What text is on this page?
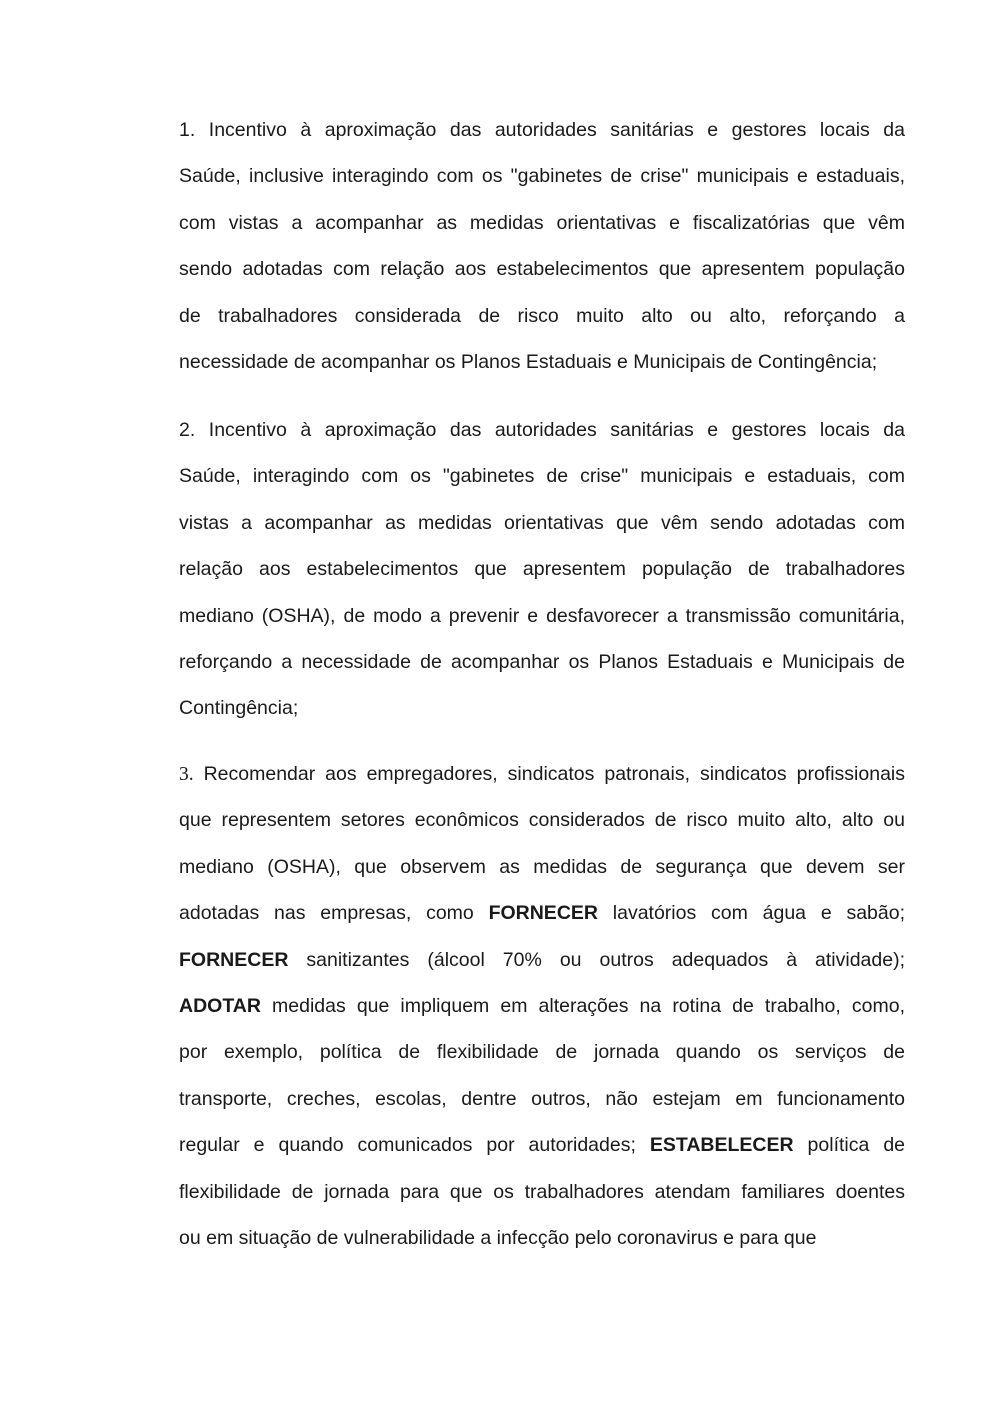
1. Incentivo à aproximação das autoridades sanitárias e gestores locais da
Saúde, inclusive interagindo com os "gabinetes de crise" municipais e estaduais,
com vistas a acompanhar as medidas orientativas e fiscalizatórias que vêm
sendo adotadas com relação aos estabelecimentos que apresentem população
de trabalhadores considerada de risco muito alto ou alto, reforçando a
necessidade de acompanhar os Planos Estaduais e Municipais de Contingência;
2. Incentivo à aproximação das autoridades sanitárias e gestores locais da
Saúde, interagindo com os "gabinetes de crise" municipais e estaduais, com
vistas a acompanhar as medidas orientativas que vêm sendo adotadas com
relação aos estabelecimentos que apresentem população de trabalhadores
mediano (OSHA), de modo a prevenir e desfavorecer a transmissão comunitária,
reforçando a necessidade de acompanhar os Planos Estaduais e Municipais de
Contingência;
3. Recomendar aos empregadores, sindicatos patronais, sindicatos profissionais
que representem setores econômicos considerados de risco muito alto, alto ou
mediano (OSHA), que observem as medidas de segurança que devem ser
adotadas nas empresas, como FORNECER lavatórios com água e sabão;
FORNECER sanitizantes (álcool 70% ou outros adequados à atividade);
ADOTAR medidas que impliquem em alterações na rotina de trabalho, como,
por exemplo, política de flexibilidade de jornada quando os serviços de
transporte, creches, escolas, dentre outros, não estejam em funcionamento
regular e quando comunicados por autoridades; ESTABELECER política de
flexibilidade de jornada para que os trabalhadores atendam familiares doentes
ou em situação de vulnerabilidade a infecção pelo coronavirus e para que
